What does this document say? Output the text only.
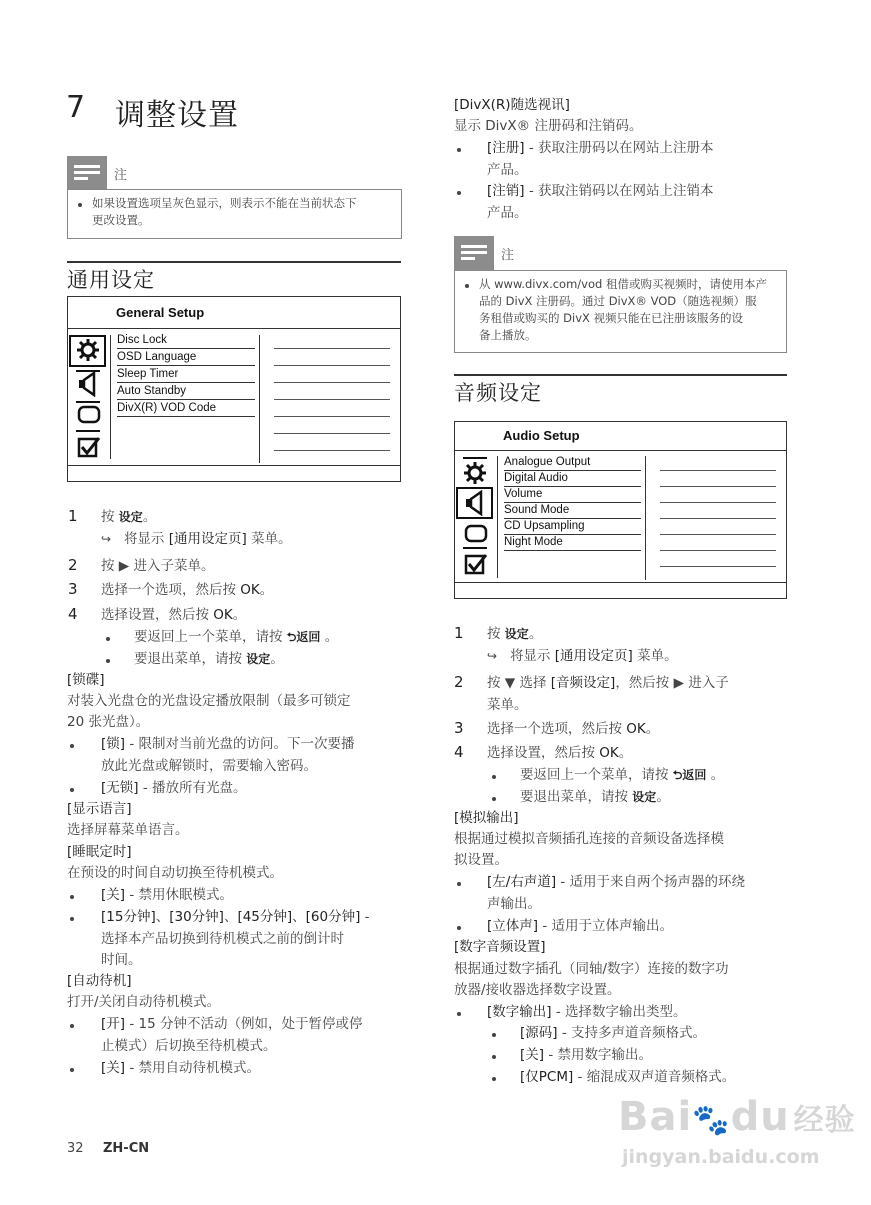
7 调整设置
注
如果设置选项呈灰色显示，则表示不能在当前状态下
更改设置。
通用设定
General Setup
Disc Lock
OSD Language
Sleep Timer
Auto Standby
DivX(R) VOD Code
1 按 设定。
↪ 将显示 [通用设定页] 菜单。
2 按 ▶ 进入子菜单。
3 选择一个选项，然后按 OK。
4 选择设置，然后按 OK。
要返回上一个菜单，请按 ⮌返回 。
要退出菜单，请按 设定。
[锁碟]
对装入光盘仓的光盘设定播放限制（最多可锁定
20 张光盘）。
[锁] - 限制对当前光盘的访问。下一次要播
放此光盘或解锁时，需要输入密码。
[无锁] - 播放所有光盘。
[显示语言]
选择屏幕菜单语言。
[睡眠定时]
在预设的时间自动切换至待机模式。
[关] - 禁用休眠模式。
[15分钟]、[30分钟]、[45分钟]、[60分钟] -
选择本产品切换到待机模式之前的倒计时
时间。
[自动待机]
打开/关闭自动待机模式。
[开] - 15 分钟不活动（例如，处于暂停或停
止模式）后切换至待机模式。
[关] - 禁用自动待机模式。
32 ZH-CN
[DivX(R)随选视讯]
显示 DivX® 注册码和注销码。
[注册] - 获取注册码以在网站上注册本
产品。
[注销] - 获取注销码以在网站上注销本
产品。
注
从 www.divx.com/vod 租借或购买视频时，请使用本产
品的 DivX 注册码。通过 DivX® VOD（随选视频）服
务租借或购买的 DivX 视频只能在已注册该服务的设
备上播放。
音频设定
Audio Setup
Analogue Output
Digital Audio
Volume
Sound Mode
CD Upsampling
Night Mode
1 按 设定。
↪ 将显示 [通用设定页] 菜单。
2 按 ▼ 选择 [音频设定]，然后按 ▶ 进入子
菜单。
3 选择一个选项，然后按 OK。
4 选择设置，然后按 OK。
要返回上一个菜单，请按 ⮌返回 。
要退出菜单，请按 设定。
[模拟输出]
根据通过模拟音频插孔连接的音频设备选择模
拟设置。
[左/右声道] - 适用于来自两个扬声器的环绕
声输出。
[立体声] - 适用于立体声输出。
[数字音频设置]
根据通过数字插孔（同轴/数字）连接的数字功
放器/接收器选择数字设置。
[数字输出] - 选择数字输出类型。
[源码] - 支持多声道音频格式。
[关] - 禁用数字输出。
[仅PCM] - 缩混成双声道音频格式。
Bai🐾du 经验
jingyan.baidu.com
